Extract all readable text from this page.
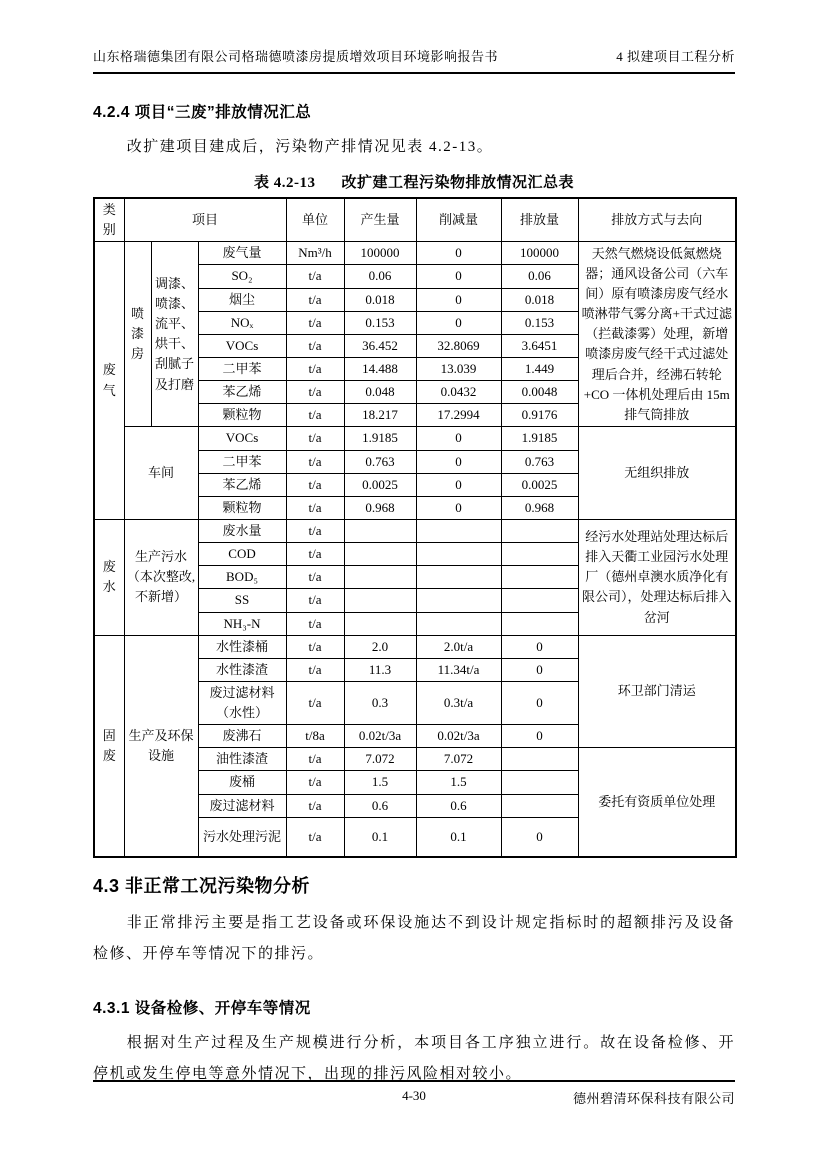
山东格瑞德集团有限公司格瑞德喷漆房提质增效项目环境影响报告书	4 拟建项目工程分析
4.2.4 项目“三废”排放情况汇总

改扩建项目建成后，污染物产排情况见表 4.2-13。

表 4.2-13 改扩建工程污染物排放情况汇总表
类别	项目			单位	产生量	削减量	排放量	排放方式与去向
废气	喷漆房	调漆、喷漆、流平、烘干、刮腻子及打磨	废气量	Nm³/h	100000	0	100000	天然气燃烧设低氮燃烧器；通风设备公司（六车间）原有喷漆房废气经水喷淋带气雾分离+干式过滤（拦截漆雾）处理，新增喷漆房废气经干式过滤处理后合并，经沸石转轮+CO 一体机处理后由 15m 排气筒排放
			SO₂	t/a	0.06	0	0.06	
			烟尘	t/a	0.018	0	0.018	
			NOₓ	t/a	0.153	0	0.153	
			VOCs	t/a	36.452	32.8069	3.6451	
			二甲苯	t/a	14.488	13.039	1.449	
			苯乙烯	t/a	0.048	0.0432	0.0048	
			颗粒物	t/a	18.217	17.2994	0.9176	
	车间		VOCs	t/a	1.9185	0	1.9185	无组织排放
			二甲苯	t/a	0.763	0	0.763	
			苯乙烯	t/a	0.0025	0	0.0025	
			颗粒物	t/a	0.968	0	0.968	
废水	生产污水（本次整改,不新增）		废水量	t/a				经污水处理站处理达标后排入天衢工业园污水处理厂（德州卓澳水质净化有限公司），处理达标后排入岔河
			COD	t/a				
			BOD₅	t/a				
			SS	t/a				
			NH₃-N	t/a				
固废	生产及环保设施		水性漆桶	t/a	2.0	2.0t/a	0	环卫部门清运
			水性漆渣	t/a	11.3	11.34t/a	0	
			废过滤材料（水性）	t/a	0.3	0.3t/a	0	
			废沸石	t/8a	0.02t/3a	0.02t/3a	0	
			油性漆渣	t/a	7.072	7.072		委托有资质单位处理
			废桶	t/a	1.5	1.5		
			废过滤材料	t/a	0.6	0.6		
			污水处理污泥	t/a	0.1	0.1	0	
4.3 非正常工况污染物分析

非正常排污主要是指工艺设备或环保设施达不到设计规定指标时的超额排污及设备检修、开停车等情况下的排污。

4.3.1 设备检修、开停车等情况

根据对生产过程及生产规模进行分析，本项目各工序独立进行。故在设备检修、开停机或发生停电等意外情况下，出现的排污风险相对较小。

4-30	德州碧清环保科技有限公司
